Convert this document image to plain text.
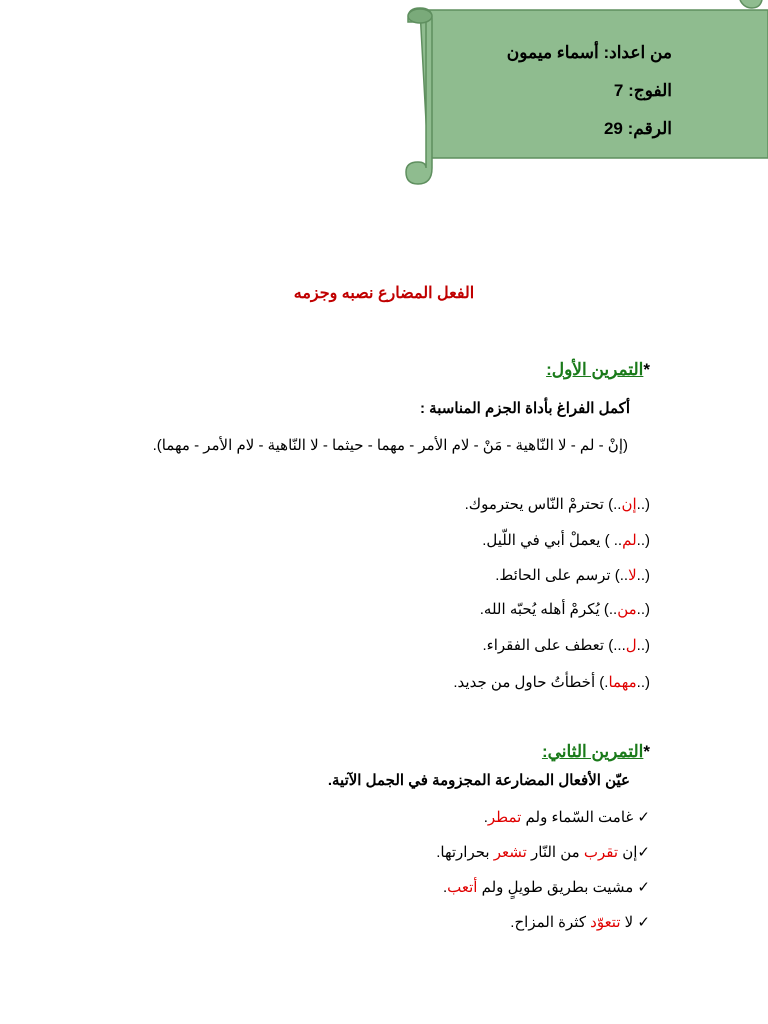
من اعداد: أسماء ميمون
الفوج: 7
الرقم: 29
الفعل المضارع نصبه وجزمه
*التمرين الأول:
أكمل الفراغ بأداة الجزم المناسبة :
(إنْ - لم - لا النّاهية - مَنْ - لام الأمر - مهما - حيثما - لا النّاهية - لام الأمر - مهما).
(..إن..) تحترمْ النّاس يحترموك.
(..لم.. ) يعملْ أبي في اللّيل.
(..لا..) ترسم على الحائط.
(..من..) يُكرمْ أهله يُحبّه الله.
(..ل...) تعطف على الفقراء.
(..مهما.) أخطأتُ حاول من جديد.
*التمرين الثاني:
عيّن الأفعال المضارعة المجزومة في الجمل الآتية.
✓ غامت السّماء ولم تمطر.
✓إن تقرب من النّار تشعر بحرارتها.
✓ مشيت بطريق طويلٍ ولم أتعب.
✓ لا تتعوّد كثرة المزاح.
